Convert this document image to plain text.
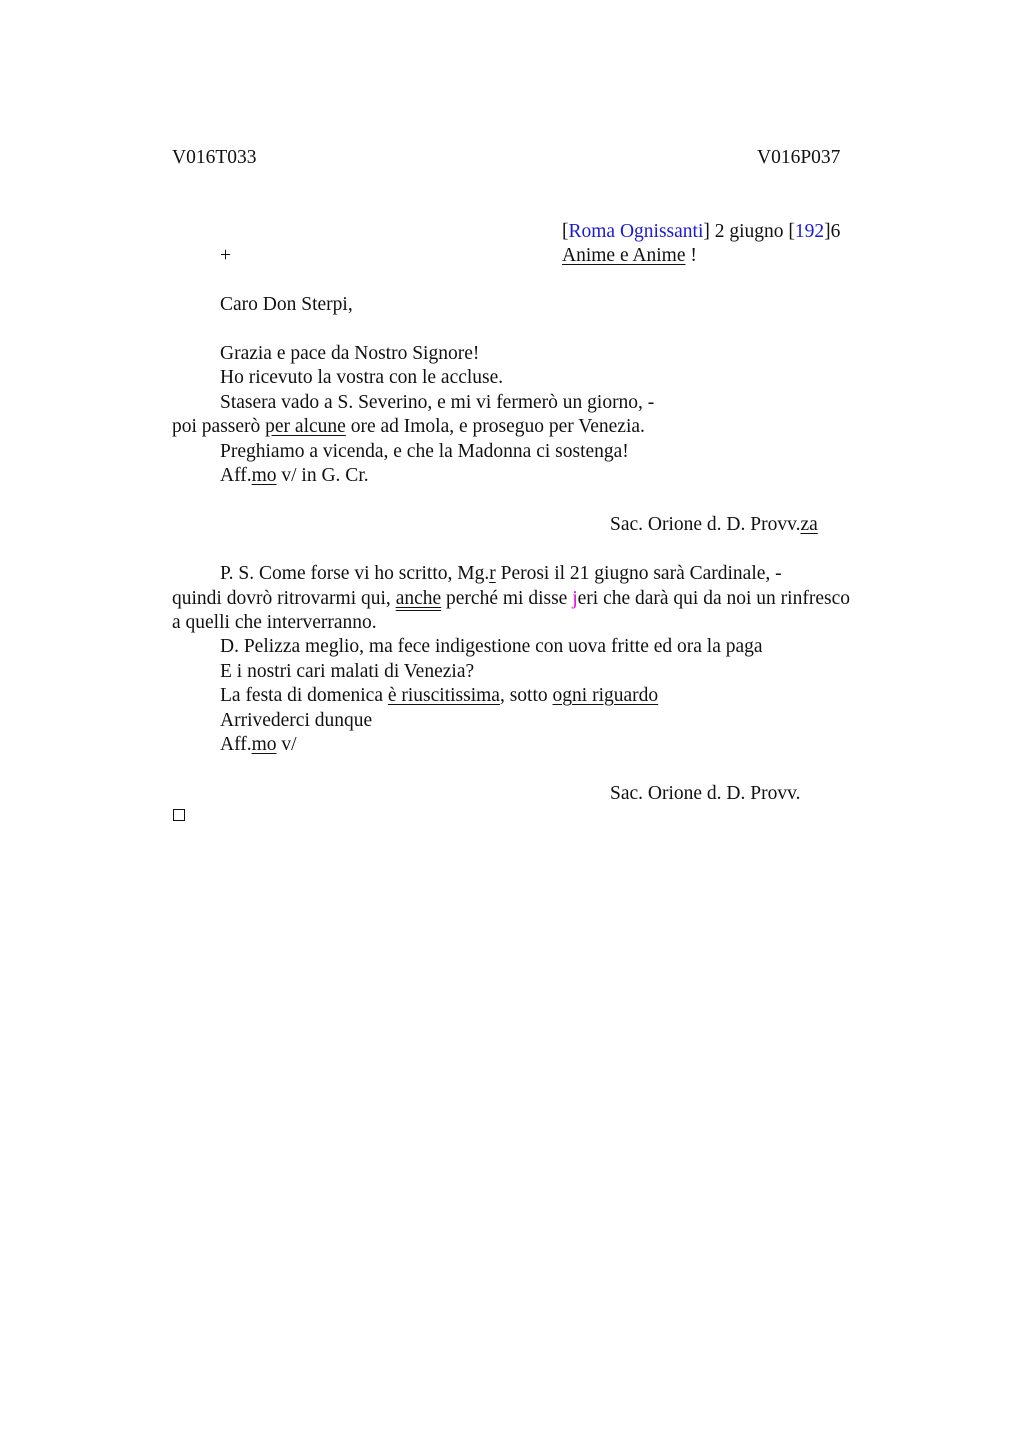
V016T033	V016P037
[Roma Ognissanti] 2 giugno [192]6
+	Anime e Anime !
Caro Don Sterpi,
Grazia e pace da Nostro Signore!
Ho ricevuto la vostra con le accluse.
Stasera vado a S. Severino, e mi vi fermerò un giorno, -
poi passerò per alcune ore ad Imola, e proseguo per Venezia.
Preghiamo a vicenda, e che la Madonna ci sostenga!
Aff.mo v/ in G. Cr.
Sac. Orione d. D. Provv.za
P. S. Come forse vi ho scritto, Mg.r Perosi il 21 giugno sarà Cardinale, -
quindi dovrò ritrovarmi qui, anche perché mi disse jeri che darà qui da noi un rinfresco
a quelli che interverranno.
D. Pelizza meglio, ma fece indigestione con uova fritte ed ora la paga
E i nostri cari malati di Venezia?
La festa di domenica è riuscitissima, sotto ogni riguardo
Arrivederci dunque
Aff.mo v/
Sac. Orione d. D. Provv.
